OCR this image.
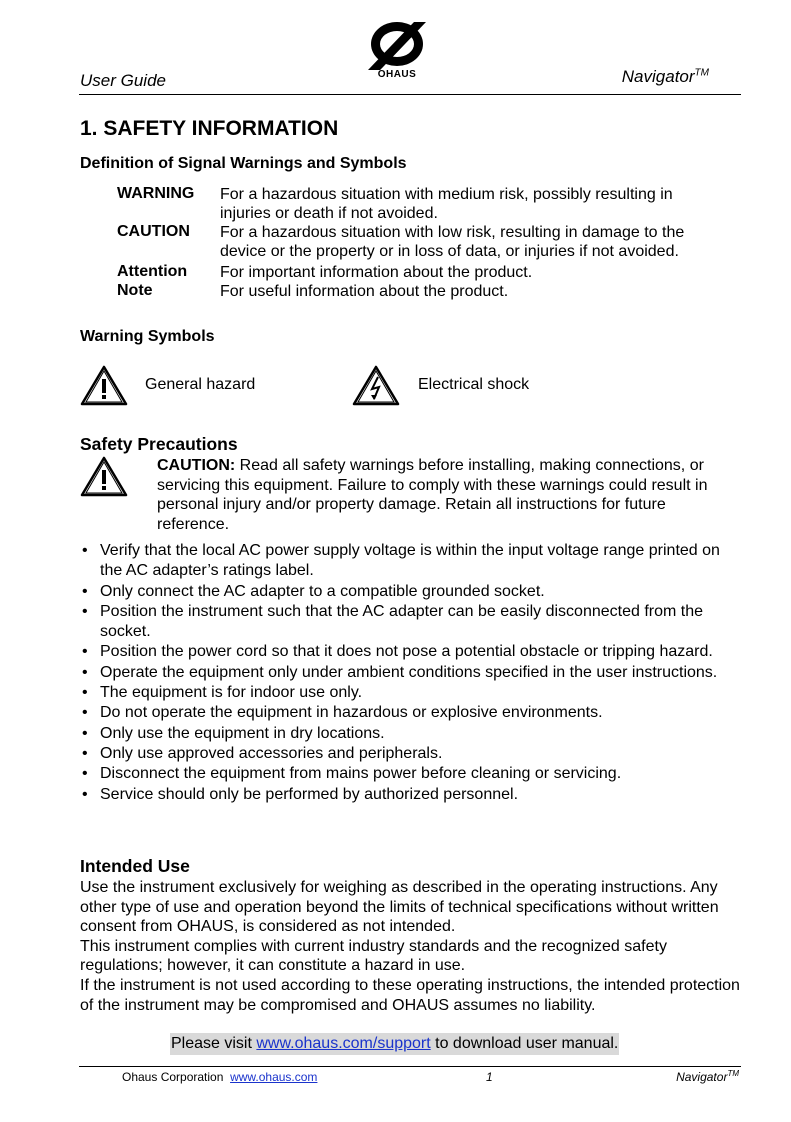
User Guide	OHAUS	Navigator™
1. SAFETY INFORMATION
Definition of Signal Warnings and Symbols
WARNING For a hazardous situation with medium risk, possibly resulting in injuries or death if not avoided.
CAUTION For a hazardous situation with low risk, resulting in damage to the device or the property or in loss of data, or injuries if not avoided.
Attention For important information about the product.
Note	For useful information about the product.
Warning Symbols
General hazard	Electrical shock
Safety Precautions
CAUTION: Read all safety warnings before installing, making connections, or servicing this equipment. Failure to comply with these warnings could result in personal injury and/or property damage. Retain all instructions for future reference.
• Verify that the local AC power supply voltage is within the input voltage range printed on the AC adapter’s ratings label.
• Only connect the AC adapter to a compatible grounded socket.
• Position the instrument such that the AC adapter can be easily disconnected from the socket.
• Position the power cord so that it does not pose a potential obstacle or tripping hazard.
• Operate the equipment only under ambient conditions specified in the user instructions.
• The equipment is for indoor use only.
• Do not operate the equipment in hazardous or explosive environments.
• Only use the equipment in dry locations.
• Only use approved accessories and peripherals.
• Disconnect the equipment from mains power before cleaning or servicing.
• Service should only be performed by authorized personnel.
Intended Use
Use the instrument exclusively for weighing as described in the operating instructions. Any other type of use and operation beyond the limits of technical specifications without written consent from OHAUS, is considered as not intended.
This instrument complies with current industry standards and the recognized safety regulations; however, it can constitute a hazard in use.
If the instrument is not used according to these operating instructions, the intended protection of the instrument may be compromised and OHAUS assumes no liability.
Please visit www.ohaus.com/support to download user manual.
Ohaus Corporation www.ohaus.com	1	Navigator™
